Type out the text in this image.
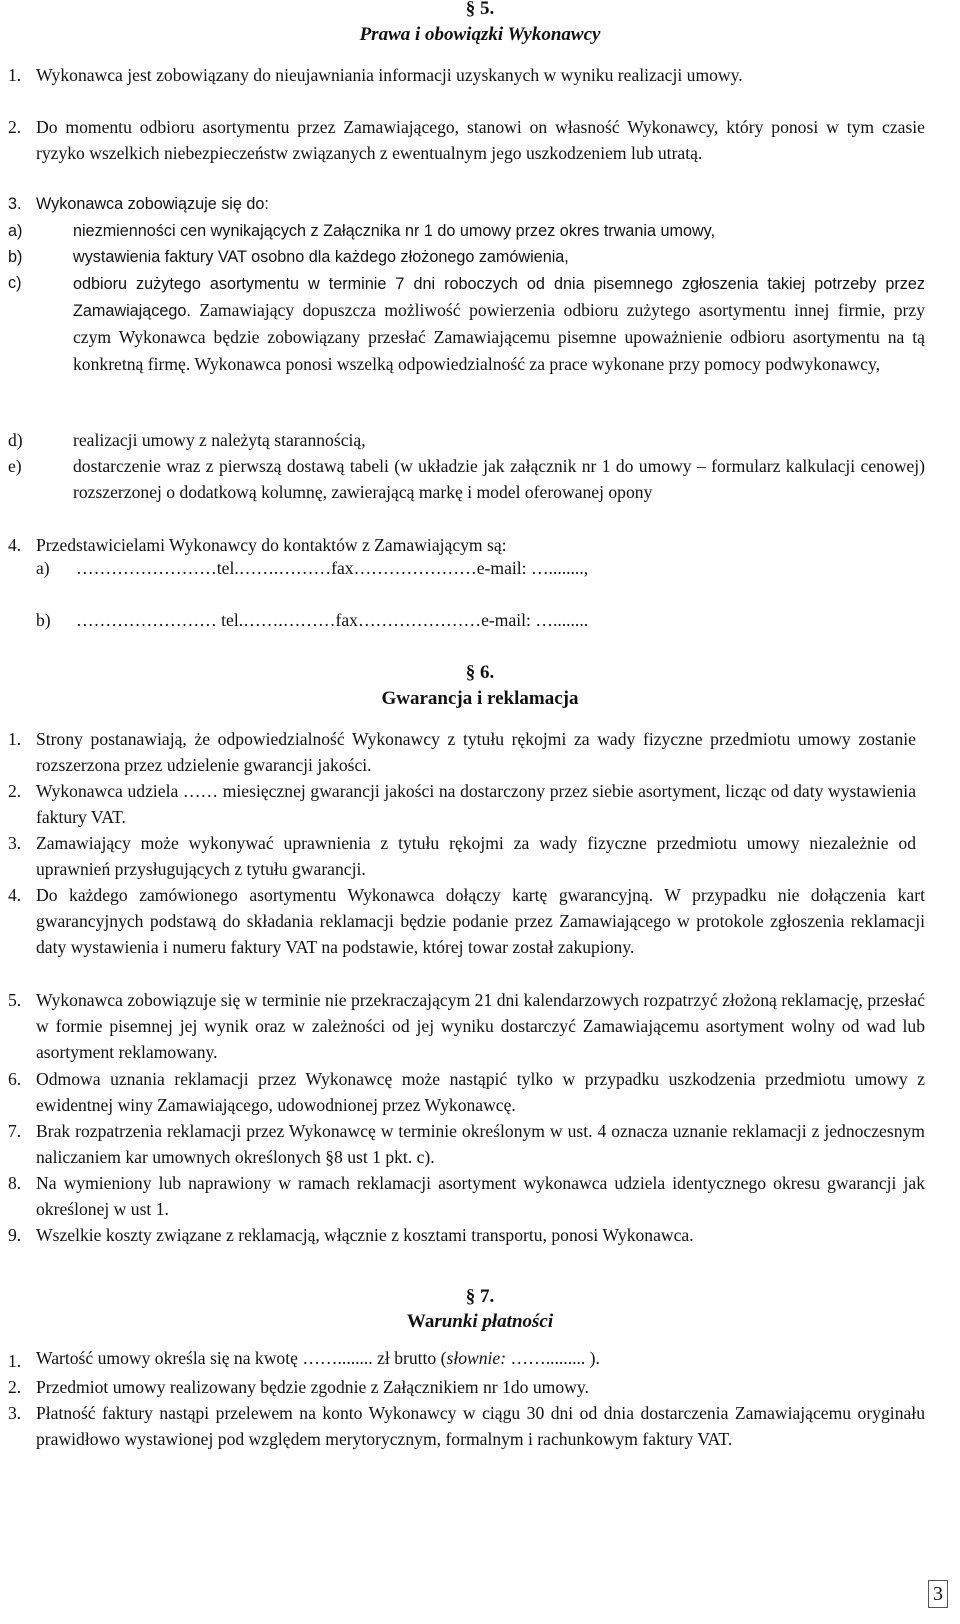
§ 5.
Prawa i obowiązki Wykonawcy
1. Wykonawca jest zobowiązany do nieujawniania informacji uzyskanych w wyniku realizacji umowy.
2. Do momentu odbioru asortymentu przez Zamawiającego, stanowi on własność Wykonawcy, który ponosi w tym czasie ryzyko wszelkich niebezpieczeństw związanych z ewentualnym jego uszkodzeniem lub utratą.
3. Wykonawca zobowiązuje się do:
a)	niezmienności cen wynikających z Załącznika nr 1 do umowy przez okres trwania umowy,
b)	wystawienia faktury VAT osobno dla każdego złożonego zamówienia,
c)	odbioru zużytego asortymentu w terminie 7 dni roboczych od dnia pisemnego zgłoszenia takiej potrzeby przez Zamawiającego. Zamawiający dopuszcza możliwość powierzenia odbioru zużytego asortymentu innej firmie, przy czym Wykonawca będzie zobowiązany przesłać Zamawiającemu pisemne upoważnienie odbioru asortymentu na tą konkretną firmę. Wykonawca ponosi wszelką odpowiedzialność za prace wykonane przy pomocy podwykonawcy,
d)	realizacji umowy z należytą starannością,
e)	dostarczenie wraz z pierwszą dostawą tabeli (w układzie jak załącznik nr 1 do umowy – formularz kalkulacji cenowej) rozszerzonej o dodatkową kolumnę, zawierającą markę i model oferowanej opony
4. Przedstawicielami Wykonawcy do kontaktów z Zamawiającym są:
a) ……………………tel.…….………fax…………………e-mail: …........,
b) …………………… tel.…….………fax…………………e-mail: …........
§ 6.
Gwarancja i reklamacja
1. Strony postanawiają, że odpowiedzialność Wykonawcy z tytułu rękojmi za wady fizyczne przedmiotu umowy zostanie rozszerzona przez udzielenie gwarancji jakości.
2. Wykonawca udziela …… miesięcznej gwarancji jakości na dostarczony przez siebie asortyment, licząc od daty wystawienia faktury VAT.
3. Zamawiający może wykonywać uprawnienia z tytułu rękojmi za wady fizyczne przedmiotu umowy niezależnie od uprawnień przysługujących z tytułu gwarancji.
4. Do każdego zamówionego asortymentu Wykonawca dołączy kartę gwarancyjną. W przypadku nie dołączenia kart gwarancyjnych podstawą do składania reklamacji będzie podanie przez Zamawiającego w protokole zgłoszenia reklamacji daty wystawienia i numeru faktury VAT na podstawie, której towar został zakupiony.
5. Wykonawca zobowiązuje się w terminie nie przekraczającym 21 dni kalendarzowych rozpatrzyć złożoną reklamację, przesłać w formie pisemnej jej wynik oraz w zależności od jej wyniku dostarczyć Zamawiającemu asortyment wolny od wad lub asortyment reklamowany.
6. Odmowa uznania reklamacji przez Wykonawcę może nastąpić tylko w przypadku uszkodzenia przedmiotu umowy z ewidentnej winy Zamawiającego, udowodnionej przez Wykonawcę.
7. Brak rozpatrzenia reklamacji przez Wykonawcę w terminie określonym w ust. 4 oznacza uznanie reklamacji z jednoczesnym naliczaniem kar umownych określonych §8 ust 1 pkt. c).
8. Na wymieniony lub naprawiony w ramach reklamacji asortyment wykonawca udziela identycznego okresu gwarancji jak określonej w ust 1.
9. Wszelkie koszty związane z reklamacją, włącznie z kosztami transportu, ponosi Wykonawca.
§ 7.
Warunki płatności
1. Wartość umowy określa się na kwotę ……........ zł brutto (słownie: ……......... ).
2. Przedmiot umowy realizowany będzie zgodnie z Załącznikiem nr 1do umowy.
3. Płatność faktury nastąpi przelewem na konto Wykonawcy w ciągu 30 dni od dnia dostarczenia Zamawiającemu oryginału prawidłowo wystawionej pod względem merytorycznym, formalnym i rachunkowym faktury VAT.
3
